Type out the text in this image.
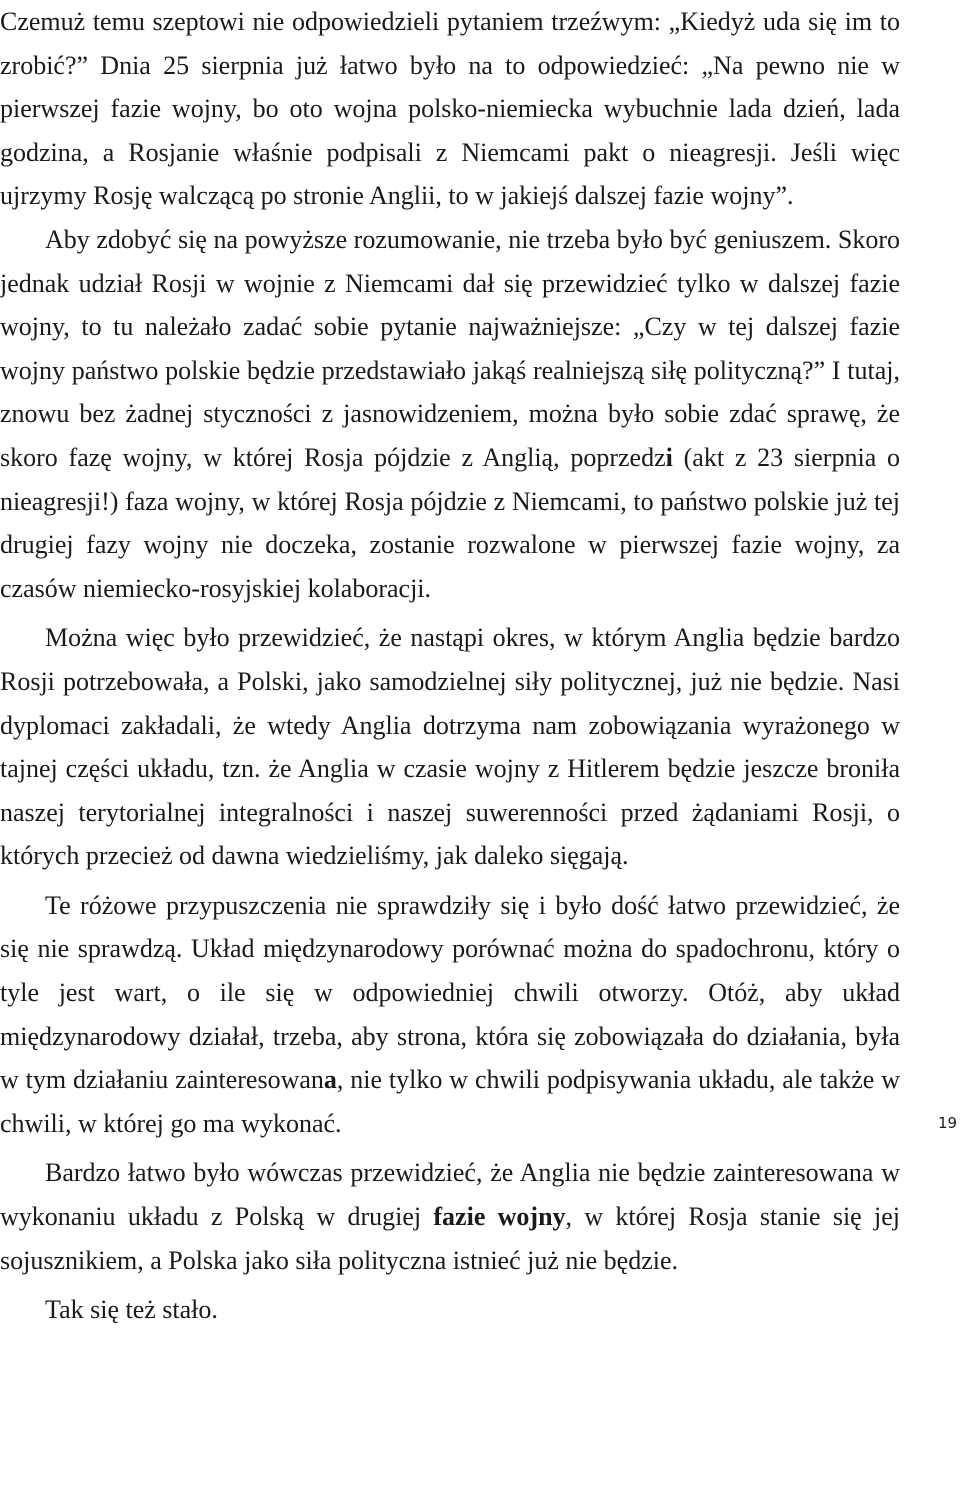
Czemuż temu szeptowi nie odpowiedzieli pytaniem trzeźwym: „Kiedyż uda się im to zrobić?” Dnia 25 sierpnia już łatwo było na to odpowiedzieć: „Na pewno nie w pierwszej fazie wojny, bo oto wojna polsko-niemiecka wybuchnie lada dzień, lada godzina, a Rosjanie właśnie podpisali z Niemcami pakt o nieagresji. Jeśli więc ujrzymy Rosję walczącą po stronie Anglii, to w jakiejś dalszej fazie wojny”.

Aby zdobyć się na powyższe rozumowanie, nie trzeba było być geniuszem. Skoro jednak udział Rosji w wojnie z Niemcami dał się przewidzieć tylko w dalszej fazie wojny, to tu należało zadać sobie pytanie najważniejsze: „Czy w tej dalszej fazie wojny państwo polskie będzie przedstawiało jakąś realniejszą siłę polityczną?” I tutaj, znowu bez żadnej styczności z jasnowidzeniem, można było sobie zdać sprawę, że skoro fazę wojny, w której Rosja pójdzie z Anglią, poprzedzi (akt z 23 sierpnia o nieagresji!) faza wojny, w której Rosja pójdzie z Niemcami, to państwo polskie już tej drugiej fazy wojny nie doczeka, zostanie rozwalone w pierwszej fazie wojny, za czasów niemiecko-rosyjskiej kolaboracji.

Można więc było przewidzieć, że nastąpi okres, w którym Anglia będzie bardzo Rosji potrzebowała, a Polski, jako samodzielnej siły politycznej, już nie będzie. Nasi dyplomaci zakładali, że wtedy Anglia dotrzyma nam zobowiązania wyrażonego w tajnej części układu, tzn. że Anglia w czasie wojny z Hitlerem będzie jeszcze broniła naszej terytorialnej integralności i naszej suwerenności przed żądaniami Rosji, o których przecież od dawna wiedzieliśmy, jak daleko sięgają.

Te różowe przypuszczenia nie sprawdziły się i było dość łatwo przewidzieć, że się nie sprawdzą. Układ międzynarodowy porównać można do spadochronu, który o tyle jest wart, o ile się w odpowiedniej chwili otworzy. Otóż, aby układ międzynarodowy działał, trzeba, aby strona, która się zobowiązała do działania, była w tym działaniu zainteresowana, nie tylko w chwili podpisywania układu, ale także w chwili, w której go ma wykonać.

Bardzo łatwo było wówczas przewidzieć, że Anglia nie będzie zainteresowana w wykonaniu układu z Polską w drugiej fazie wojny, w której Rosja stanie się jej sojusznikiem, a Polska jako siła polityczna istnieć już nie będzie.

Tak się też stało.

19
